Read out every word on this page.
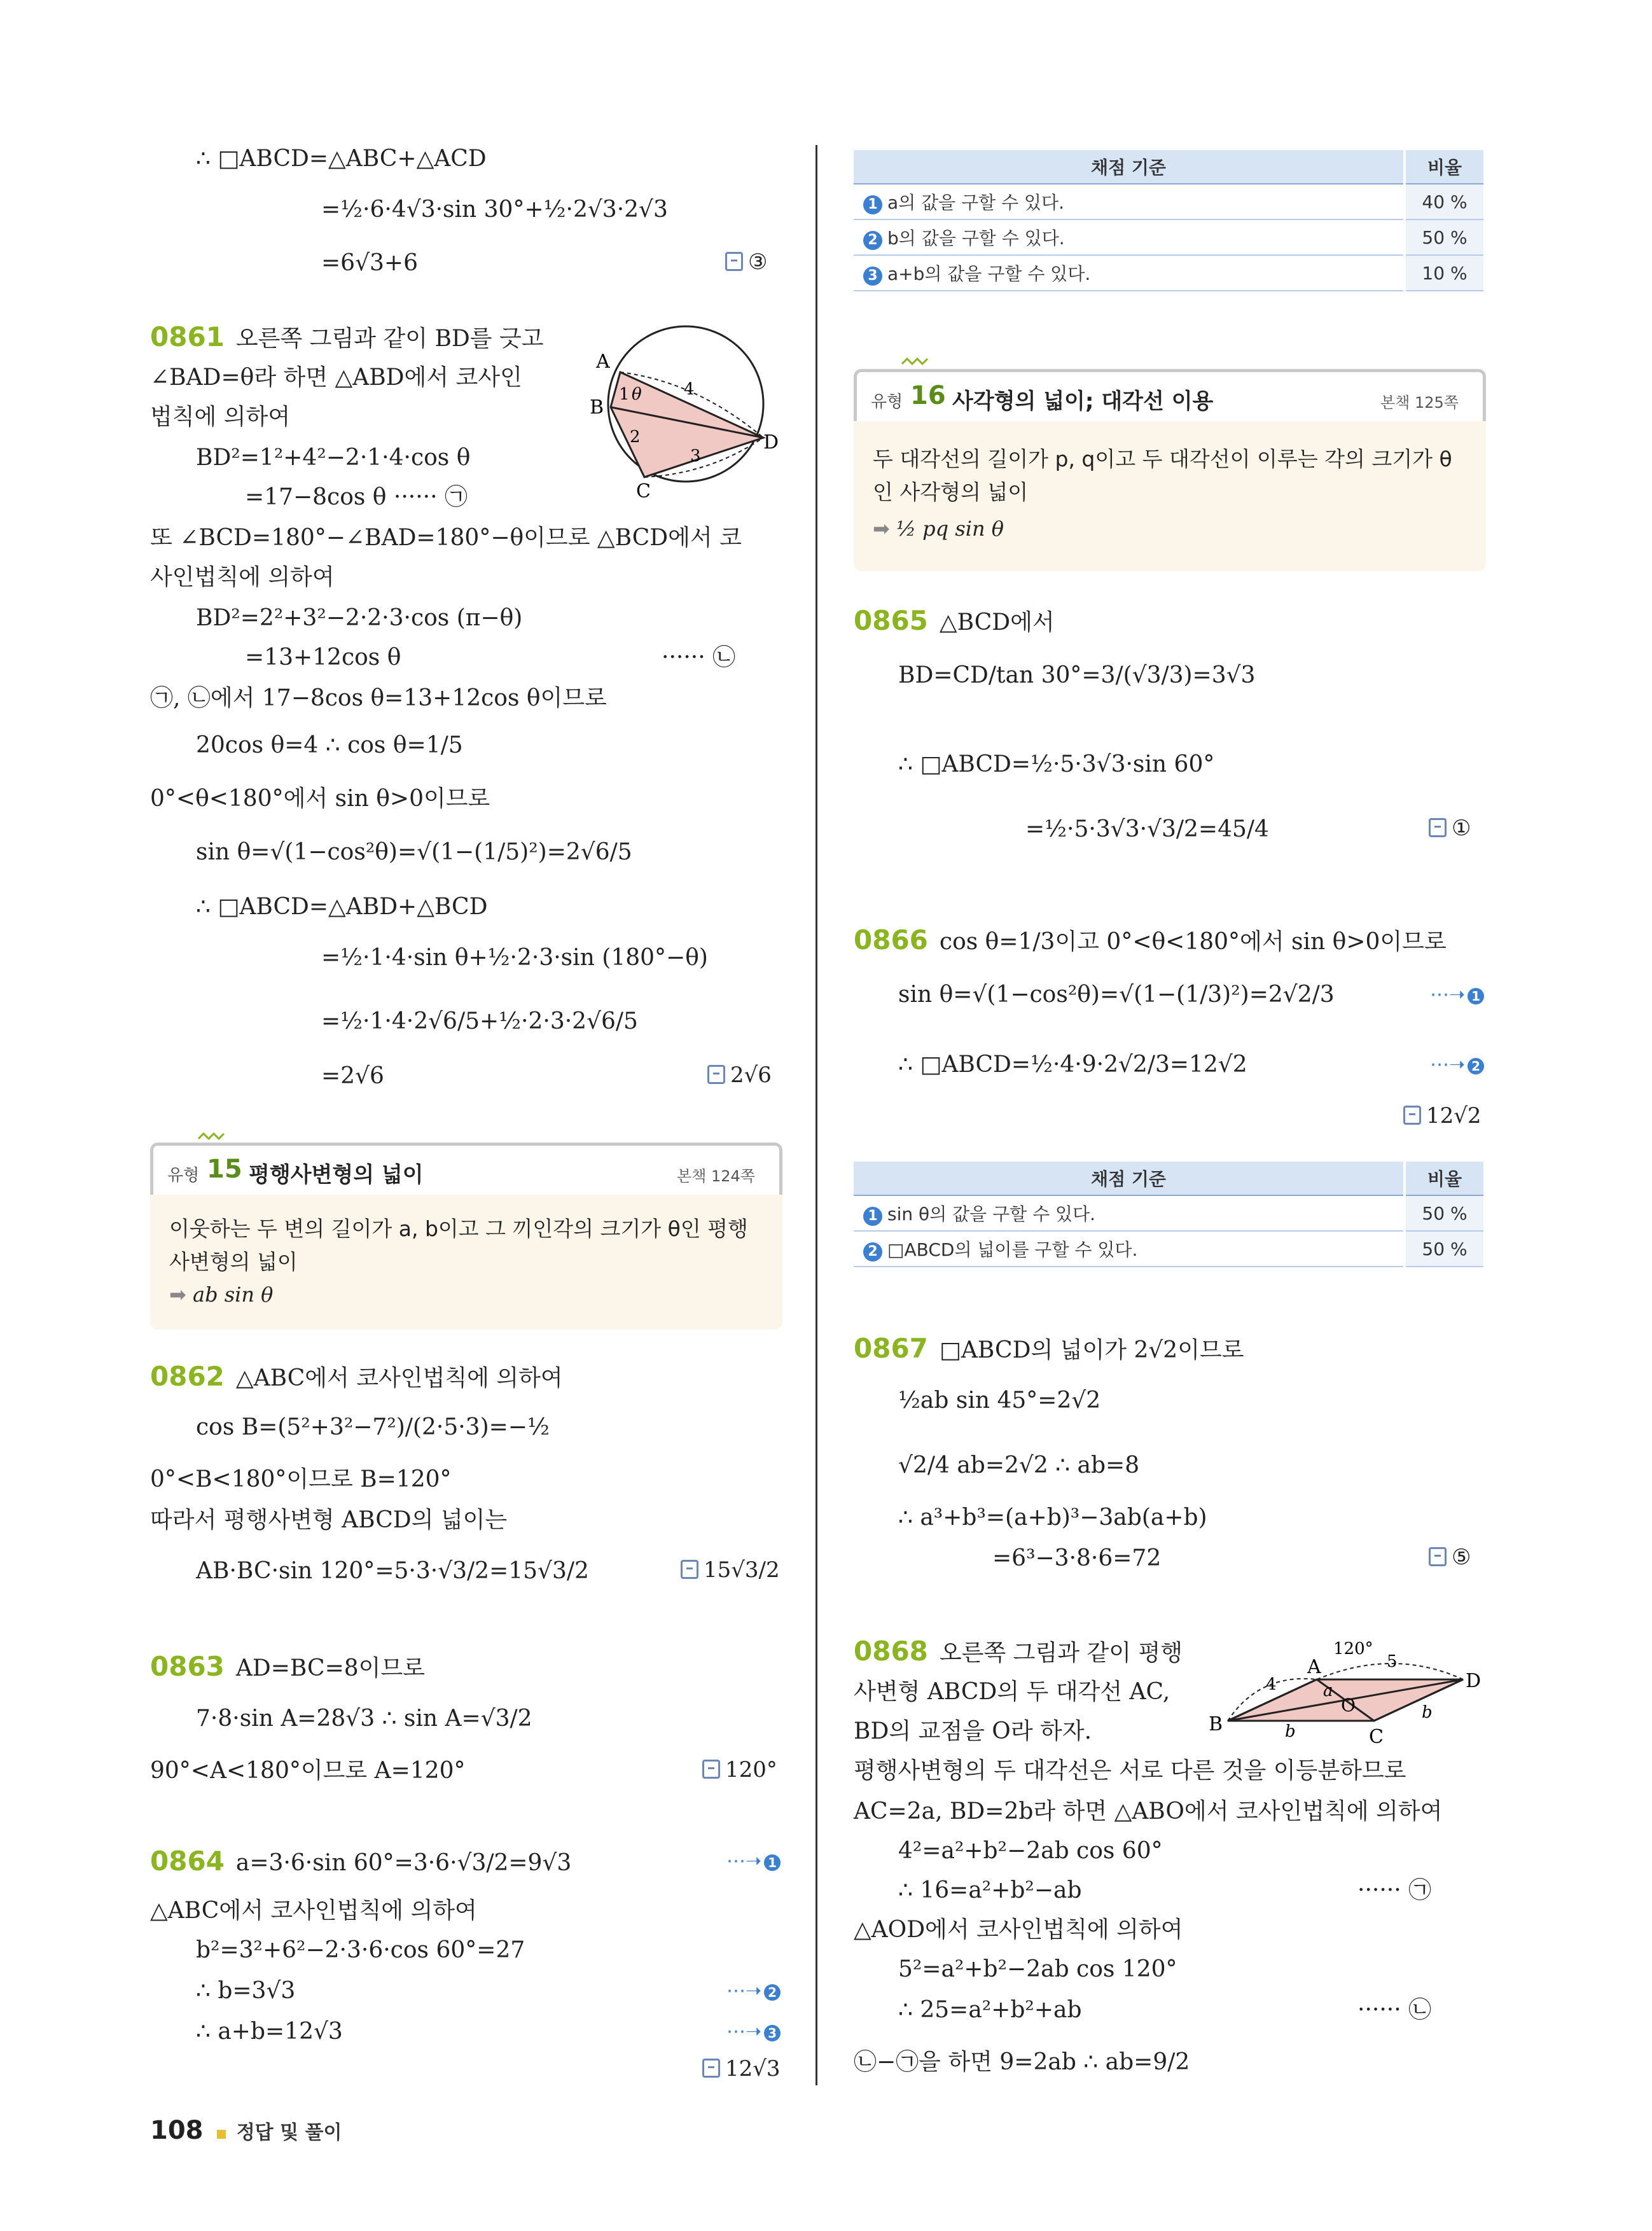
∴ □ABCD=△ABC+△ACD
=½·6·4√3·sin 30°+½·2√3·2√3
=6√3+6	③
0861 오른쪽 그림과 같이 BD를 긋고
∠BAD=θ라 하면 △ABD에서 코사인
법칙에 의하여
BD²=1²+4²−2·1·4·cos θ
=17−8cos θ ······ ㉠
또 ∠BCD=180°−∠BAD=180°−θ이므로 △BCD에서 코
사인법칙에 의하여
BD²=2²+3²−2·2·3·cos (π−θ)
=13+12cos θ	······ ㉡
㉠, ㉡에서 17−8cos θ=13+12cos θ이므로
20cos θ=4 ∴ cos θ=1/5
0°<θ<180°에서 sin θ>0이므로
sin θ=√(1−cos²θ)=√(1−(1/5)²)=2√6/5
∴ □ABCD=△ABD+△BCD
=½·1·4·sin θ+½·2·3·sin (180°−θ)
=½·1·4·2√6/5+½·2·3·2√6/5
=2√6	2√6
A
B
C
D
1 θ	4
2
3
유형 15 평행사변형의 넓이	본책 124쪽
이웃하는 두 변의 길이가 a, b이고 그 끼인각의 크기가 θ인 평행
사변형의 넓이
➡ ab sin θ
0862 △ABC에서 코사인법칙에 의하여
cos B=(5²+3²−7²)/(2·5·3)=−½
0°<B<180°이므로 B=120°
따라서 평행사변형 ABCD의 넓이는
AB·BC·sin 120°=5·3·√3/2=15√3/2	15√3/2
0863 AD=BC=8이므로
7·8·sin A=28√3 ∴ sin A=√3/2
90°<A<180°이므로 A=120°	120°
0864 a=3·6·sin 60°=3·6·√3/2=9√3	⋯➝ 1
△ABC에서 코사인법칙에 의하여
b²=3²+6²−2·3·6·cos 60°=27
∴ b=3√3	⋯➝ 2
∴ a+b=12√3	⋯➝ 3
12√3
채점 기준	비율
1 a의 값을 구할 수 있다.	40 %
2 b의 값을 구할 수 있다.	50 %
3 a+b의 값을 구할 수 있다.	10 %
유형 16 사각형의 넓이; 대각선 이용	본책 125쪽
두 대각선의 길이가 p, q이고 두 대각선이 이루는 각의 크기가 θ
인 사각형의 넓이
➡ ½ pq sin θ
0865 △BCD에서
BD=CD/tan 30°=3/(√3/3)=3√3
∴ □ABCD=½·5·3√3·sin 60°
=½·5·3√3·√3/2=45/4	①
0866 cos θ=1/3이고 0°<θ<180°에서 sin θ>0이므로
sin θ=√(1−cos²θ)=√(1−(1/3)²)=2√2/3	⋯➝ 1
∴ □ABCD=½·4·9·2√2/3=12√2	⋯➝ 2
12√2
채점 기준	비율
1 sin θ의 값을 구할 수 있다.	50 %
2 □ABCD의 넓이를 구할 수 있다.	50 %
0867 □ABCD의 넓이가 2√2이므로
½ab sin 45°=2√2
√2/4 ab=2√2 ∴ ab=8
∴ a³+b³=(a+b)³−3ab(a+b)
=6³−3·8·6=72	⑤
0868 오른쪽 그림과 같이 평행
사변형 ABCD의 두 대각선 AC,
BD의 교점을 O라 하자.
평행사변형의 두 대각선은 서로 다른 것을 이등분하므로
AC=2a, BD=2b라 하면 △ABO에서 코사인법칙에 의하여
4²=a²+b²−2ab cos 60°
∴ 16=a²+b²−ab	······ ㉠
△AOD에서 코사인법칙에 의하여
5²=a²+b²−2ab cos 120°
∴ 25=a²+b²+ab	······ ㉡
㉡−㉠을 하면 9=2ab ∴ ab=9/2
B
A
C
D
O
120°
4
5
a
b
b
108 정답 및 풀이
